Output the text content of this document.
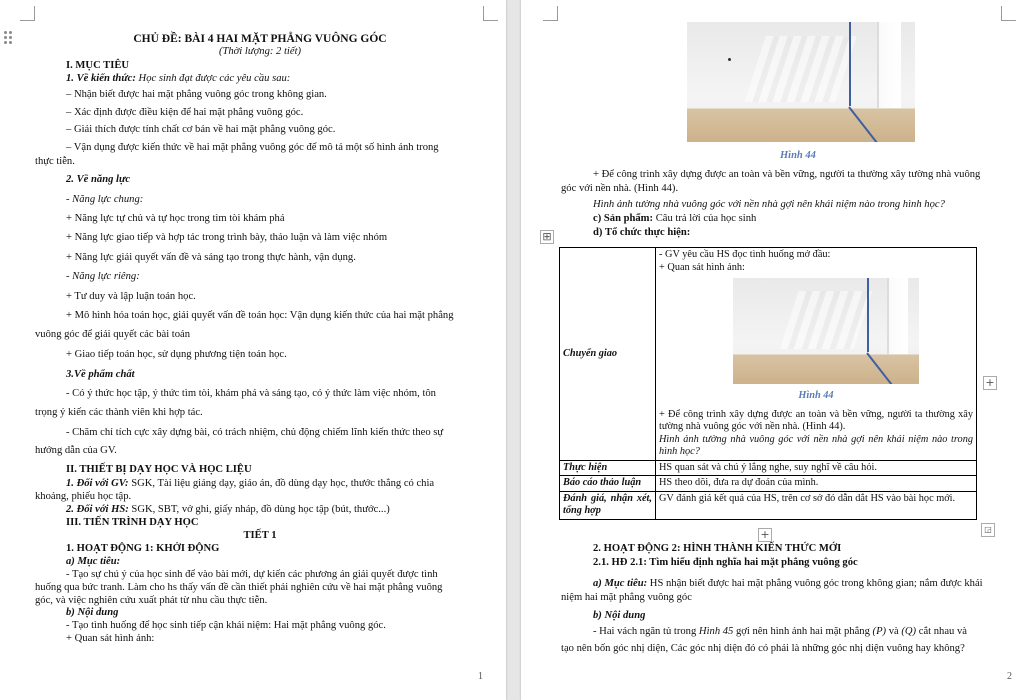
CHỦ ĐỀ: BÀI 4 HAI MẶT PHẲNG VUÔNG GÓC
(Thời lượng: 2 tiết)
I. MỤC TIÊU
1. Về kiến thức: Học sinh đạt được các yêu cầu sau:
– Nhận biết được hai mặt phẳng vuông góc trong không gian.
– Xác định được điều kiện để hai mặt phẳng vuông góc.
– Giải thích được tính chất cơ bản về hai mặt phẳng vuông góc.
– Vận dụng được kiến thức về hai mặt phẳng vuông góc để mô tả một số hình ảnh trong
thực tiễn.
2. Về năng lực
- Năng lực chung:
+ Năng lực tự chủ và tự học trong tìm tòi khám phá
+ Năng lực giao tiếp và hợp tác trong trình bày, thảo luận và làm việc nhóm
+ Năng lực giải quyết vấn đề và sáng tạo trong thực hành, vận dụng.
- Năng lực riêng:
+ Tư duy và lập luận toán học.
+ Mô hình hóa toán học, giải quyết vấn đề toán học: Vận dụng kiến thức của hai mặt phẳng
vuông góc để giải quyết các bài toán
+ Giao tiếp toán học, sử dụng phương tiện toán học.
3.Về phẩm chất
- Có ý thức học tập, ý thức tìm tòi, khám phá và sáng tạo, có ý thức làm việc nhóm, tôn
trọng ý kiến các thành viên khi hợp tác.
- Chăm chỉ tích cực xây dựng bài, có trách nhiệm, chủ động chiếm lĩnh kiến thức theo sự
hướng dẫn của GV.
II. THIẾT BỊ DẠY HỌC VÀ HỌC LIỆU
1. Đối với GV: SGK, Tài liệu giảng dạy, giáo án, đồ dùng dạy học, thước thẳng có chia
khoảng, phiếu học tập.
2. Đối với HS: SGK, SBT, vở ghi, giấy nháp, đồ dùng học tập (bút, thước...)
III. TIẾN TRÌNH DẠY HỌC
TIẾT 1
1. HOẠT ĐỘNG 1: KHỞI ĐỘNG
a) Mục tiêu:
- Tạo sự chú ý của học sinh để vào bài mới, dự kiến các phương án giải quyết được tình
huống qua bức tranh. Làm cho hs thấy vấn đề cần thiết phải nghiên cứu về hai mặt phẳng vuông
góc, và việc nghiên cứu xuất phát từ nhu cầu thực tiễn.
b) Nội dung
- Tạo tình huống để học sinh tiếp cận khái niệm: Hai mặt phẳng vuông góc.
+ Quan sát hình ảnh:
1
Hình 44
+ Để công trình xây dựng được an toàn và bền vững, người ta thường xây tường nhà vuông
góc với nền nhà. (Hình 44).
Hình ảnh tường nhà vuông góc với nền nhà gợi nên khái niệm nào trong hình học?
c) Sản phẩm: Câu trả lời của học sinh
d) Tổ chức thực hiện:
⊞
Chuyển giao	- GV yêu cầu HS đọc tình huống mở đầu:
+ Quan sát hình ảnh:
Hình 44
+ Để công trình xây dựng được an toàn và bền vững, người ta thường xây tường nhà vuông góc với nền nhà. (Hình 44).
Hình ảnh tường nhà vuông góc với nền nhà gợi nên khái niệm nào trong hình học?

Thực hiện	HS quan sát và chú ý lắng nghe, suy nghĩ về câu hỏi.
Báo cáo thảo luận	HS theo dõi, đưa ra dự đoán của mình.
Đánh giá, nhận xét, tổng hợp	GV đánh giá kết quả của HS, trên cơ sở đó dẫn dắt HS vào bài học mới.
+
+	◲
2. HOẠT ĐỘNG 2: HÌNH THÀNH KIẾN THỨC MỚI
2.1. HĐ 2.1: Tìm hiểu định nghĩa hai mặt phẳng vuông góc
a) Mục tiêu: HS nhận biết được hai mặt phẳng vuông góc trong không gian; nắm được khái
niệm hai mặt phẳng vuông góc
b) Nội dung
- Hai vách ngăn tủ trong Hình 45 gợi nên hình ảnh hai mặt phẳng (P) và (Q) cắt nhau và
tạo nên bốn góc nhị diện, Các góc nhị diện đó có phải là những góc nhị diện vuông hay không?
2
